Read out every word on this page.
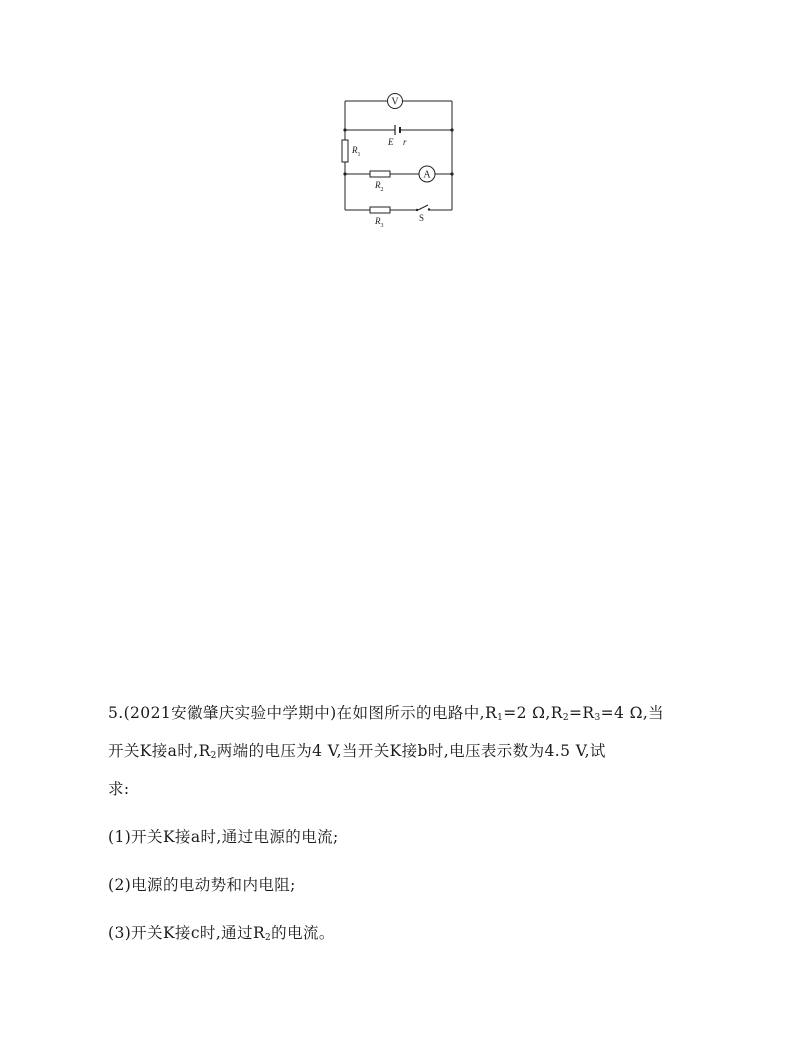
V
A
E r
$R_1$
$R_2$
$R_3$
S
5.(2021安徽肇庆实验中学期中)在如图所示的电路中$,R_1=2$ $\Omega,R_2=R_3=4$ Ω,当
开关K接a时$,R_2$两端的电压为4 V,当开关K接b时,电压表示数为4.5 V,试
求:
(1)开关K接a时,通过电源的电流;
(2)电源的电动势和内电阻;
(3)开关K接c时,通过$R_2$的电流。
